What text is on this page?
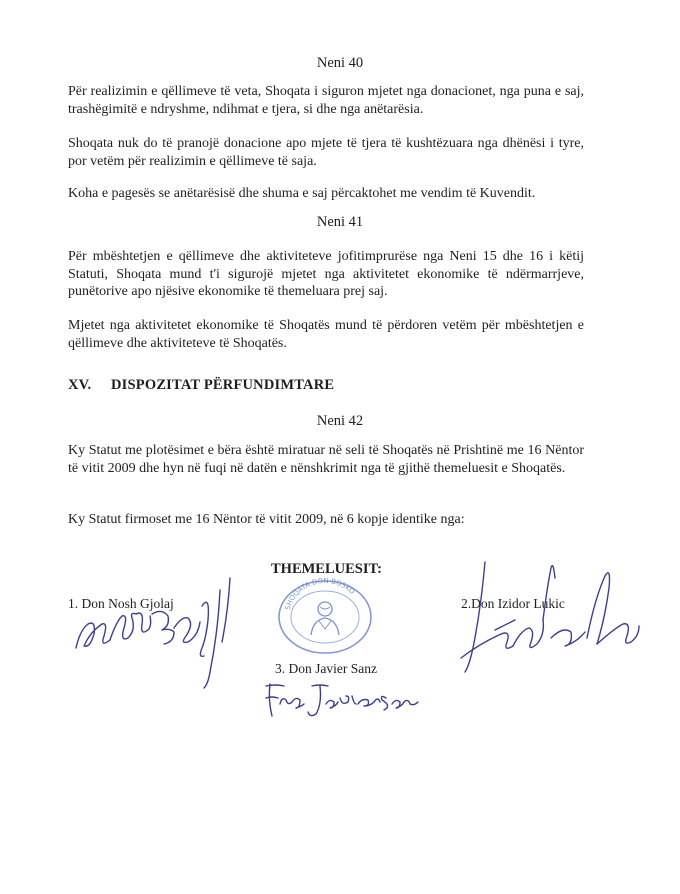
Neni 40
Për realizimin e qëllimeve të veta, Shoqata i siguron mjetet nga donacionet, nga puna e saj, trashëgimitë e ndryshme, ndihmat e tjera, si dhe nga anëtarësia.
Shoqata nuk do të pranojë donacione apo mjete të tjera të kushtëzuara nga dhënësi i tyre, por vetëm për realizimin e qëllimeve të saja.
Koha e pagesës se anëtarësisë dhe shuma e saj përcaktohet me vendim të Kuvendit.
Neni 41
Për mbështetjen e qëllimeve dhe aktiviteteve jofitimprurëse nga Neni 15 dhe 16 i këtij Statuti, Shoqata mund t'i sigurojë mjetet nga aktivitetet ekonomike të ndërmarrjeve, punëtorive apo njësive ekonomike të themeluara prej saj.
Mjetet nga aktivitetet ekonomike të Shoqatës mund të përdoren vetëm për mbështetjen e qëllimeve dhe aktiviteteve të Shoqatës.
XV. DISPOZITAT PËRFUNDIMTARE
Neni 42
Ky Statut me plotësimet e bëra është miratuar në seli të Shoqatës në Prishtinë me 16 Nëntor të vitit 2009 dhe hyn në fuqi në datën e nënshkrimit nga të gjithë themeluesit e Shoqatës.
Ky Statut firmoset me 16 Nëntor të vitit 2009, në 6 kopje identike nga:
THEMELUESIT:
1. Don Nosh Gjolaj	2.Don Izidor Lukic
3. Don Javier Sanz
SHOQATA DON BOSKO
